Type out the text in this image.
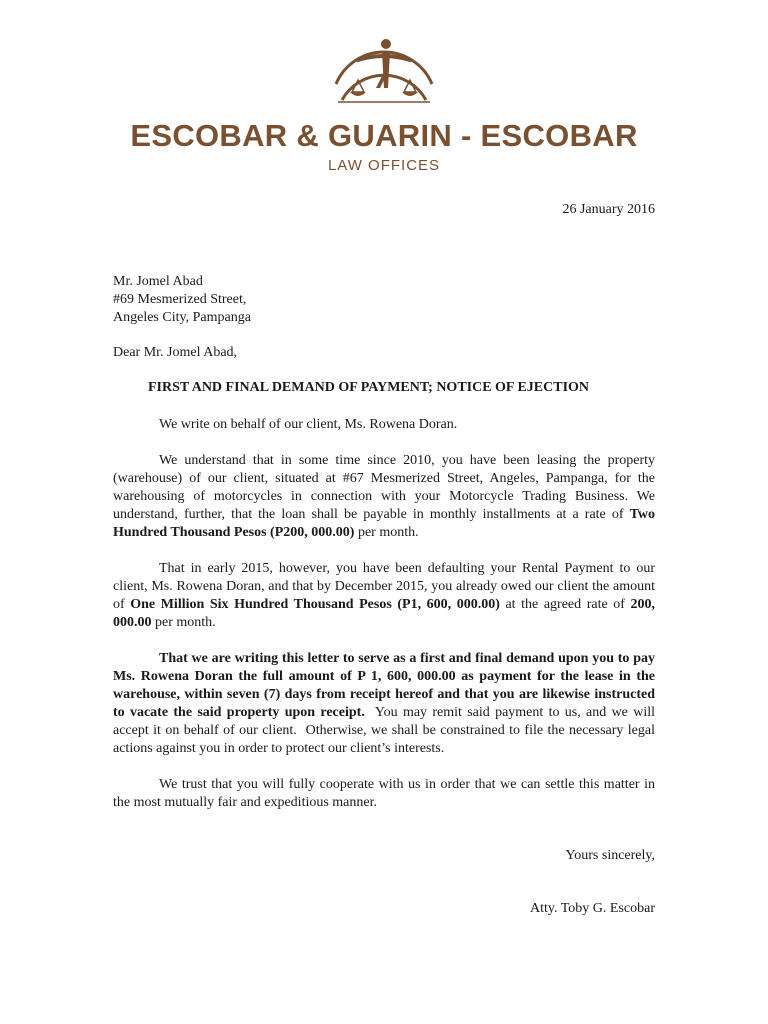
ESCOBAR & GUARIN - ESCOBAR
LAW OFFICES
26 January 2016
Mr. Jomel Abad
#69 Mesmerized Street,
Angeles City, Pampanga
Dear Mr. Jomel Abad,
FIRST AND FINAL DEMAND OF PAYMENT; NOTICE OF EJECTION

We write on behalf of our client, Ms. Rowena Doran.

We understand that in some time since 2010, you have been leasing the property (warehouse) of our client, situated at #67 Mesmerized Street, Angeles, Pampanga, for the warehousing of motorcycles in connection with your Motorcycle Trading Business. We understand, further, that the loan shall be payable in monthly installments at a rate of Two Hundred Thousand Pesos (P200, 000.00) per month.

That in early 2015, however, you have been defaulting your Rental Payment to our client, Ms. Rowena Doran, and that by December 2015, you already owed our client the amount of One Million Six Hundred Thousand Pesos (P1, 600, 000.00) at the agreed rate of 200, 000.00 per month.

That we are writing this letter to serve as a first and final demand upon you to pay Ms. Rowena Doran the full amount of P 1, 600, 000.00 as payment for the lease in the warehouse, within seven (7) days from receipt hereof and that you are likewise instructed to vacate the said property upon receipt.  You may remit said payment to us, and we will accept it on behalf of our client.  Otherwise, we shall be constrained to file the necessary legal actions against you in order to protect our client’s interests.

We trust that you will fully cooperate with us in order that we can settle this matter in the most mutually fair and expeditious manner.

Yours sincerely,
Atty. Toby G. Escobar
